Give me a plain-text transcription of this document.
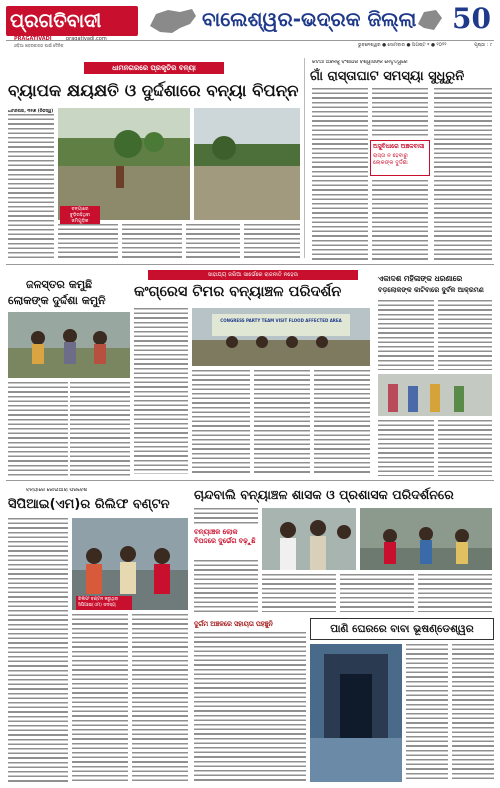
ପ୍ରଗତିବାଦୀ
PRAGATIVADI	pragativadi.com
ଓଡ଼ିଆ ଖବରକାଗଜ ପାଇଁ ଦୈନିକ
ବାଲେଶ୍ୱର-ଭଦ୍ରକ ଜିଲ୍ଲା	50
ଭୁବନେଶ୍ୱର ● ସୋମବାର ● ଅଗଷ୍ଟ ୧ ● ୨୦୨୨	ପୃଷ୍ଠା : ୯
ଧାମନଗରରେ ପ୍ରକୃତିର ବନ୍ୟା
ବ୍ୟାପକ କ୍ଷୟକ୍ଷତି ଓ ଦୁର୍ଦ୍ଦଶାରେ ବନ୍ୟା ବିପନ୍ନ
ଧାମନଗର, ୩୧ା୭ (ନିଜସ୍ୱ)
ବନ୍ୟାରେ ବୁଡ଼ିରହିଥିବା ଜମିଗୁଡ଼ିକ
କଟିଆ ଅଞ୍ଚଳକୁ ବଂଶୀଧର ବିଶ୍ୱାସିଙ୍କ ନେତୃତ୍ୱରେ
ଗାଁ ରାସ୍ତାଘାଟ ସମସ୍ୟା ସୁଧୁରୁନି
ଅସୁବିଧାରେ ଅଞ୍ଚଳବାସୀ
ରାସ୍ତା ନ ହେବାରୁ ଲୋକଙ୍କ ଦୁର୍ଦ୍ଦଶା
ଜଳସ୍ତର କମୁଛି
ଲୋକଙ୍କ ଦୁର୍ଦ୍ଦଶା କମୁନି
ସାହାଯ୍ୟ ଜରିଆ ସାର୍ଭେରେ ରାଜନୀତି ନହେଉ
କଂଗ୍ରେସ ଟିମର ବନ୍ୟାଞ୍ଚଳ ପରିଦର୍ଶନ
CONGRESS PARTY TEAM VISIT FLOOD AFFECTED AREA
ଏକାଦଶ ମହିଳାଙ୍କ ଧରଣାରେ
ବଡ଼ଲୋକଙ୍କ କାଟିବାରେ ଦୁର୍ବଳ ଆକ୍ରମଣ
ବନ୍ୟାରେ କୋଇଁଆରା ପରିବେଶ
ସିପିଆଇ(ଏମ)ର ରିଲିଫ ବଣ୍ଟନ
ରିଲିଫ ବଣ୍ଟନ କରୁଥିବା ସିପିଆଇ(ଏମ) ସଦସ୍ୟ
ଚାନ୍ଦବାଲି ବନ୍ୟାଞ୍ଚଳ ଶାସକ ଓ ପ୍ରଶାସକ ପରିଦର୍ଶନରେ
ବନ୍ୟାଞ୍ଚଳ ଲୋକ
ବିପଦ୍ଦରେ ଦୁର୍ଭେଗ ବଢ଼ୁଛି
ଦୁର୍ଗମ ଅଞ୍ଚଳରେ ସହାୟତା ପହଞ୍ଚୁନି	ପାଣି ଘେରରେ ବାବା ଭୂଷଣ୍ଡେଶ୍ୱର
